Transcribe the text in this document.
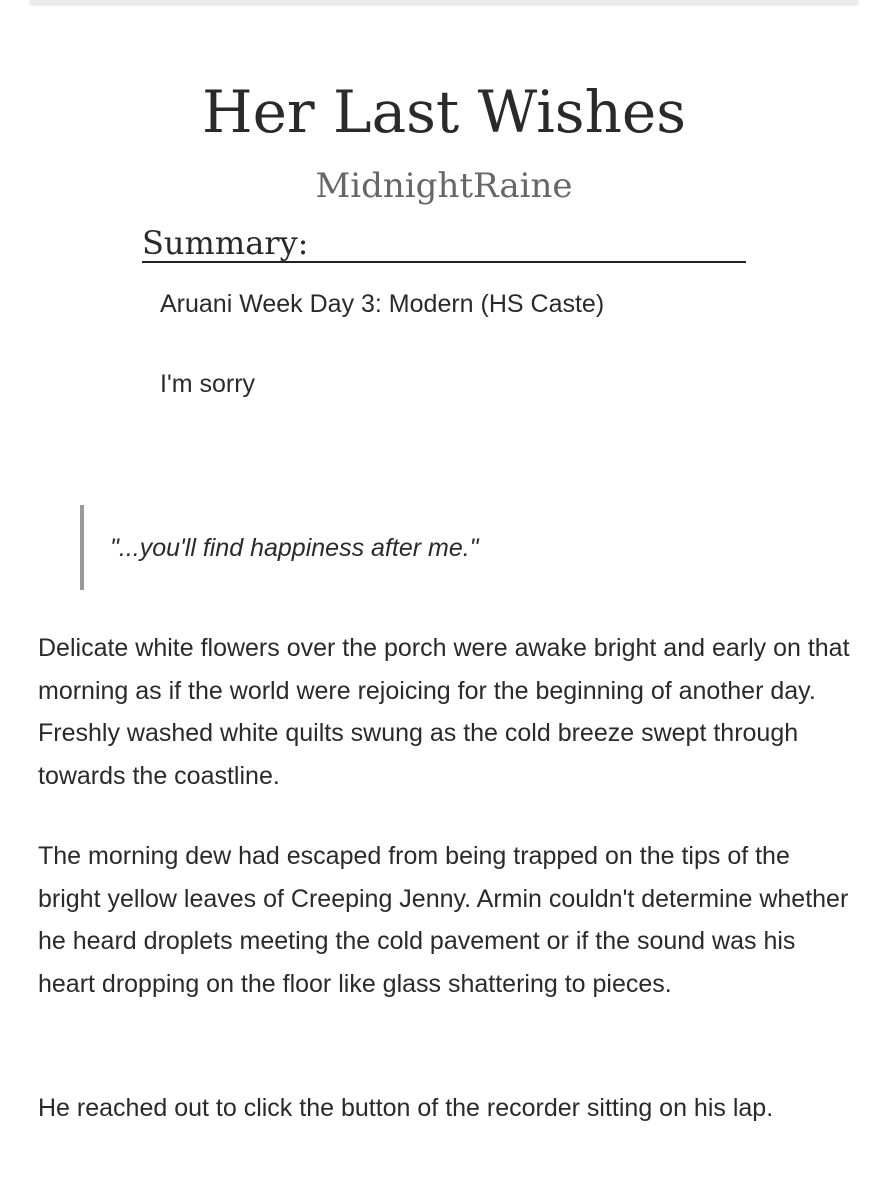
Her Last Wishes
MidnightRaine
Summary:
Aruani Week Day 3: Modern (HS Caste)
I'm sorry
"...you'll find happiness after me."

Delicate white flowers over the porch were awake bright and early on that morning as if the world were rejoicing for the beginning of another day. Freshly washed white quilts swung as the cold breeze swept through towards the coastline.

The morning dew had escaped from being trapped on the tips of the bright yellow leaves of Creeping Jenny. Armin couldn't determine whether he heard droplets meeting the cold pavement or if the sound was his heart dropping on the floor like glass shattering to pieces.

He reached out to click the button of the recorder sitting on his lap.
